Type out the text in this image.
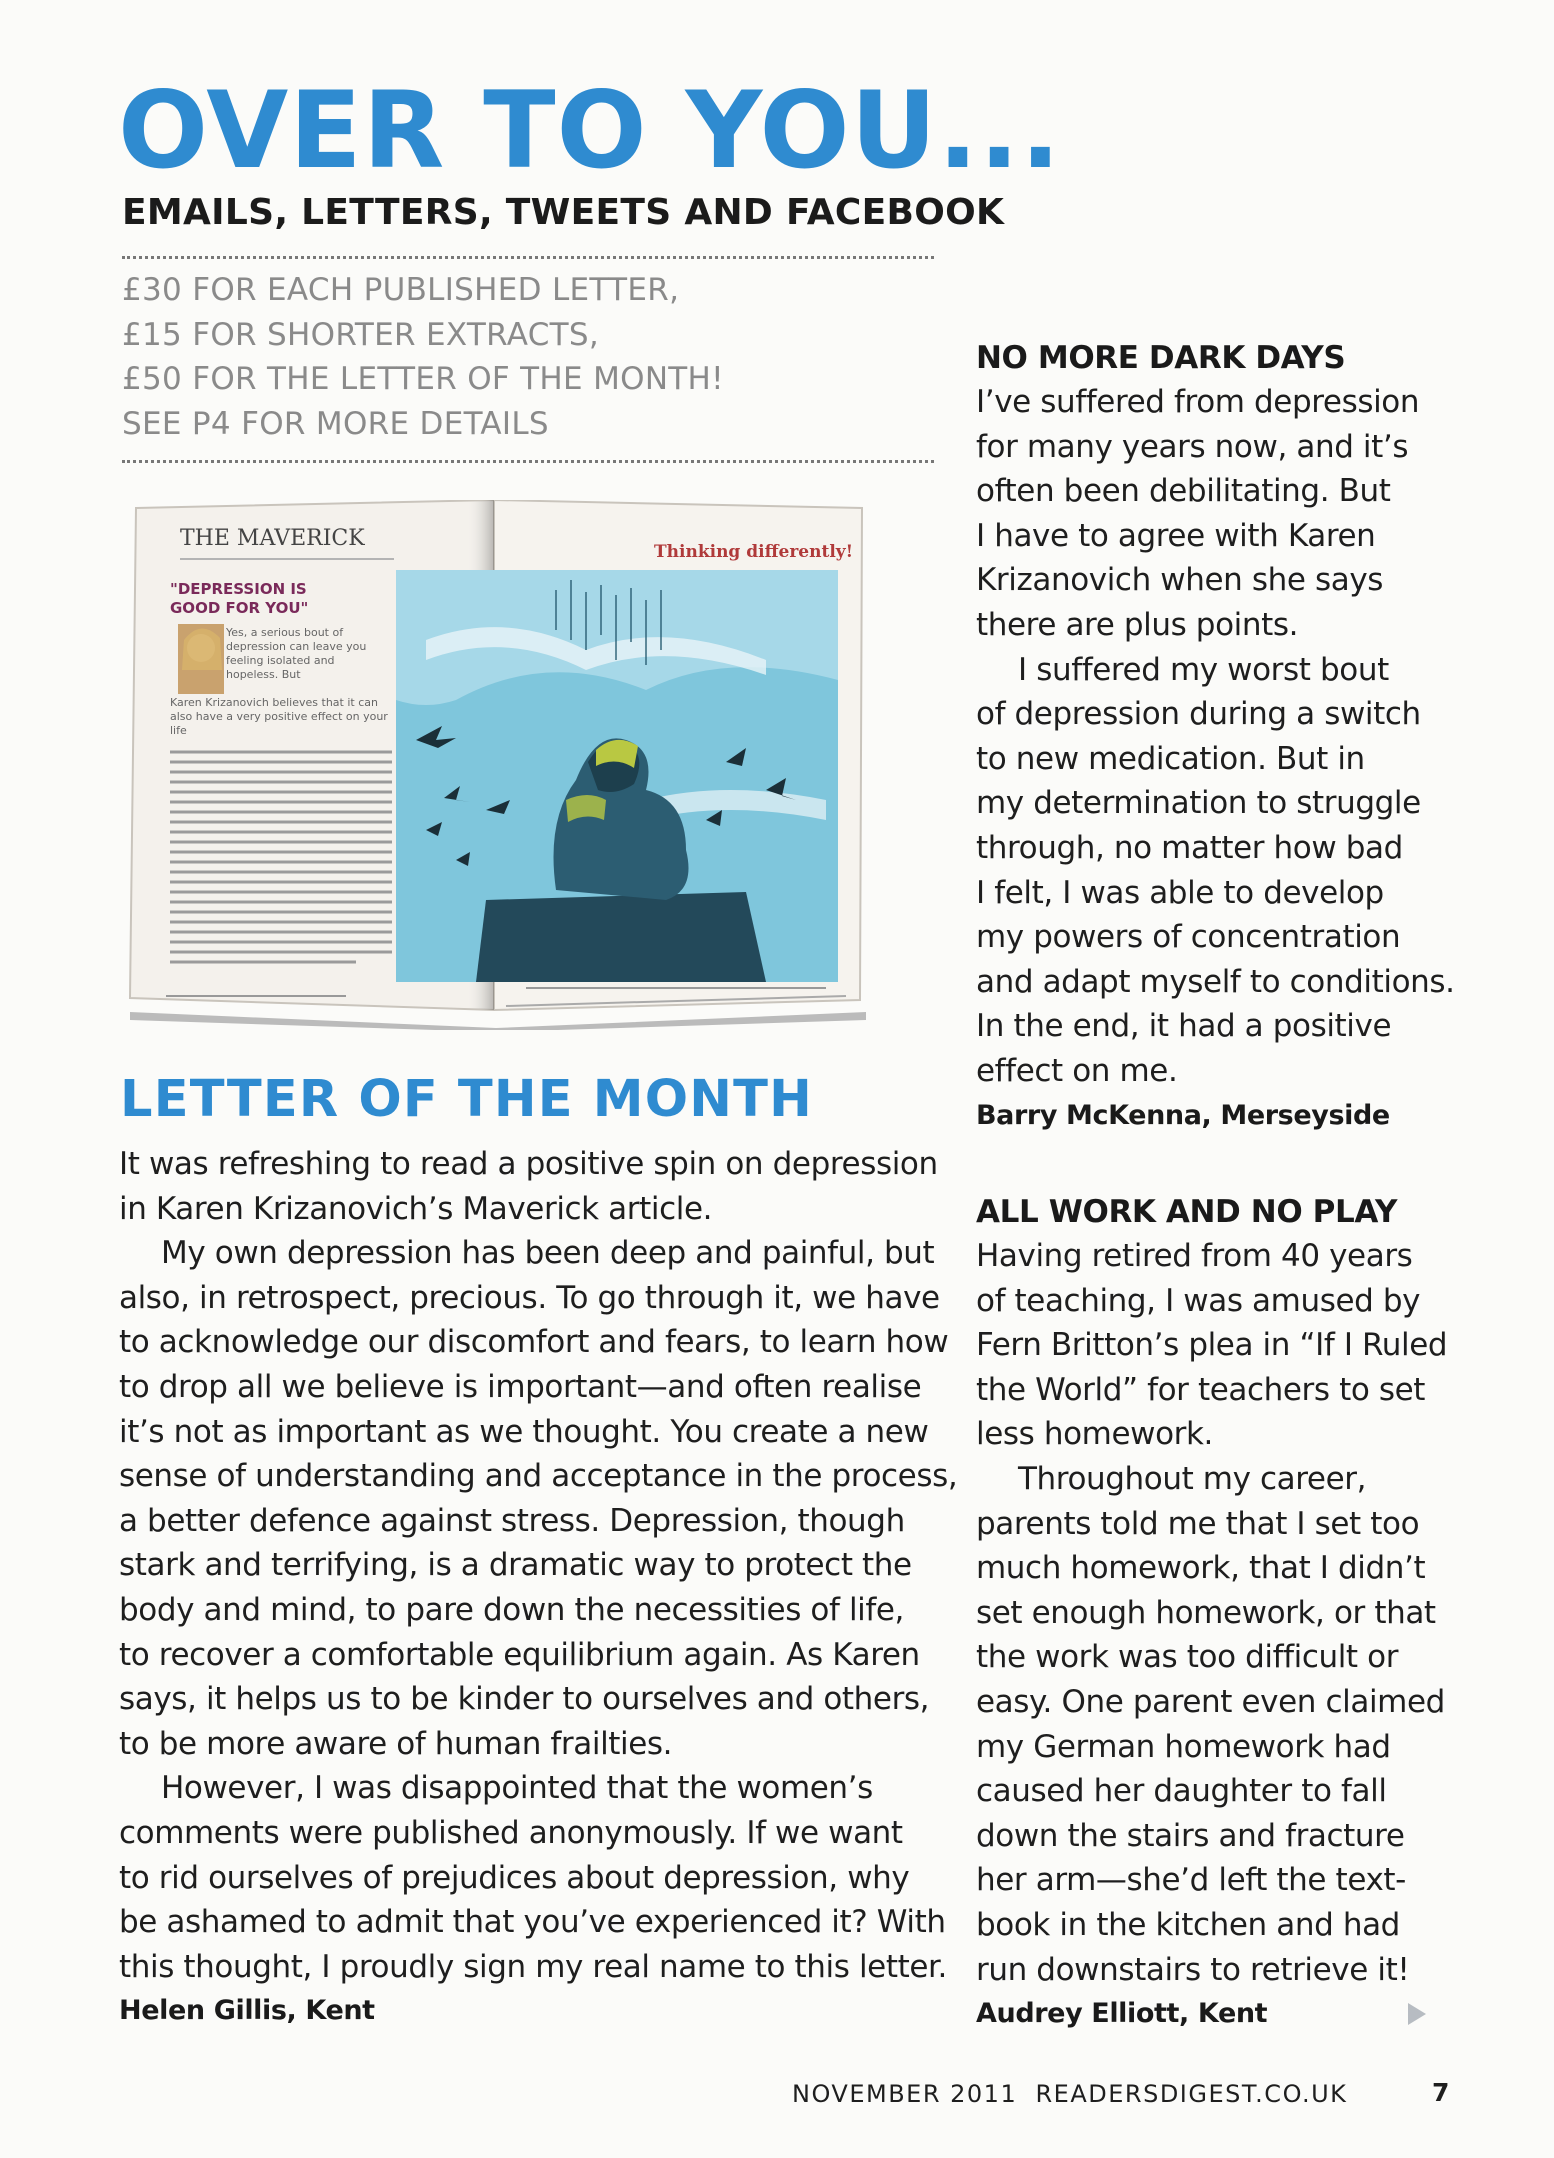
OVER TO YOU...
EMAILS, LETTERS, TWEETS AND FACEBOOK
£30 FOR EACH PUBLISHED LETTER,
£15 FOR SHORTER EXTRACTS,
£50 FOR THE LETTER OF THE MONTH!
SEE P4 FOR MORE DETAILS
THE MAVERICK
"DEPRESSION IS
GOOD FOR YOU"
Yes, a serious bout of depression can leave you feeling isolated and hopeless. But
Karen Krizanovich believes that it can also have a very positive effect on your life
Thinking differently!
LETTER OF THE MONTH
It was refreshing to read a positive spin on depression
in Karen Krizanovich’s Maverick article.
My own depression has been deep and painful, but
also, in retrospect, precious. To go through it, we have
to acknowledge our discomfort and fears, to learn how
to drop all we believe is important—and often realise
it’s not as important as we thought. You create a new
sense of understanding and acceptance in the process,
a better defence against stress. Depression, though
stark and terrifying, is a dramatic way to protect the
body and mind, to pare down the necessities of life,
to recover a comfortable equilibrium again. As Karen
says, it helps us to be kinder to ourselves and others,
to be more aware of human frailties.
However, I was disappointed that the women’s
comments were published anonymously. If we want
to rid ourselves of prejudices about depression, why
be ashamed to admit that you’ve experienced it? With
this thought, I proudly sign my real name to this letter.
Helen Gillis, Kent
NO MORE DARK DAYS
I’ve suffered from depression
for many years now, and it’s
often been debilitating. But
I have to agree with Karen
Krizanovich when she says
there are plus points.
I suffered my worst bout
of depression during a switch
to new medication. But in
my determination to struggle
through, no matter how bad
I felt, I was able to develop
my powers of concentration
and adapt myself to conditions.
In the end, it had a positive
effect on me.
Barry McKenna, Merseyside
ALL WORK AND NO PLAY
Having retired from 40 years
of teaching, I was amused by
Fern Britton’s plea in “If I Ruled
the World” for teachers to set
less homework.
Throughout my career,
parents told me that I set too
much homework, that I didn’t
set enough homework, or that
the work was too difficult or
easy. One parent even claimed
my German homework had
caused her daughter to fall
down the stairs and fracture
her arm—she’d left the text-
book in the kitchen and had
run downstairs to retrieve it!
Audrey Elliott, Kent
NOVEMBER 2011 READERSDIGEST.CO.UK	7
